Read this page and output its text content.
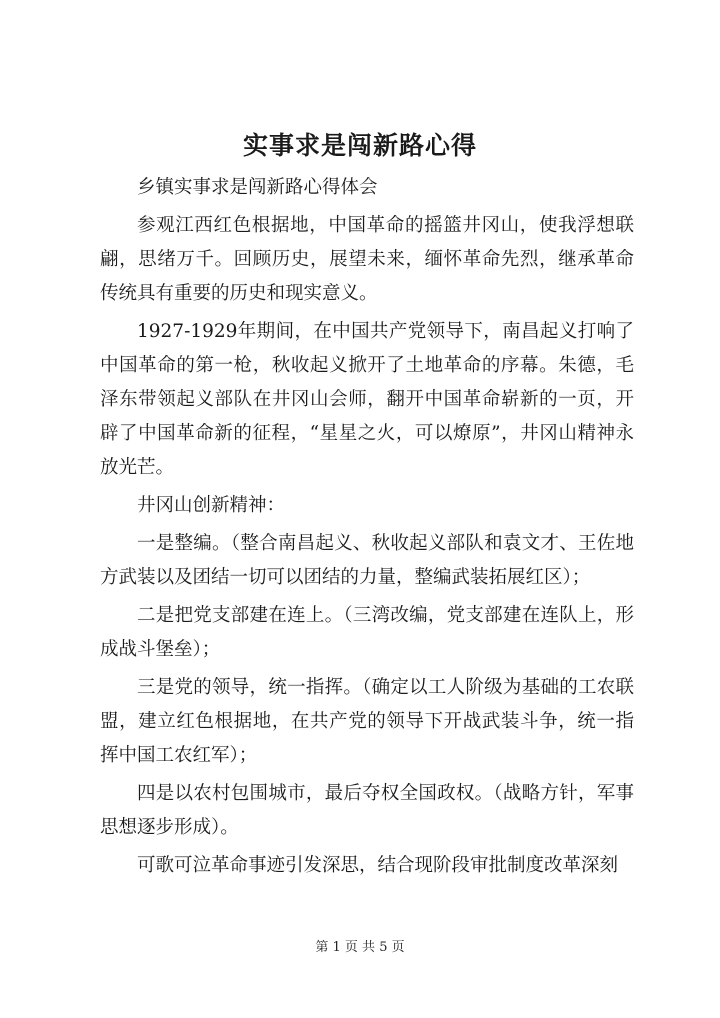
实事求是闯新路心得

乡镇实事求是闯新路心得体会

参观江西红色根据地，中国革命的摇篮井冈山，使我浮想联翩，思绪万千。回顾历史，展望未来，缅怀革命先烈，继承革命传统具有重要的历史和现实意义。

1927-1929年期间，在中国共产党领导下，南昌起义打响了中国革命的第一枪，秋收起义掀开了土地革命的序幕。朱德，毛泽东带领起义部队在井冈山会师，翻开中国革命崭新的一页，开辟了中国革命新的征程，“星星之火，可以燎原”，井冈山精神永放光芒。

井冈山创新精神：

一是整编。（整合南昌起义、秋收起义部队和袁文才、王佐地方武装以及团结一切可以团结的力量，整编武装拓展红区）；

二是把党支部建在连上。（三湾改编，党支部建在连队上，形成战斗堡垒）；

三是党的领导，统一指挥。（确定以工人阶级为基础的工农联盟，建立红色根据地，在共产党的领导下开战武装斗争，统一指挥中国工农红军）；

四是以农村包围城市，最后夺权全国政权。（战略方针，军事思想逐步形成）。

可歌可泣革命事迹引发深思，结合现阶段审批制度改革深刻

第 1 页 共 5 页
